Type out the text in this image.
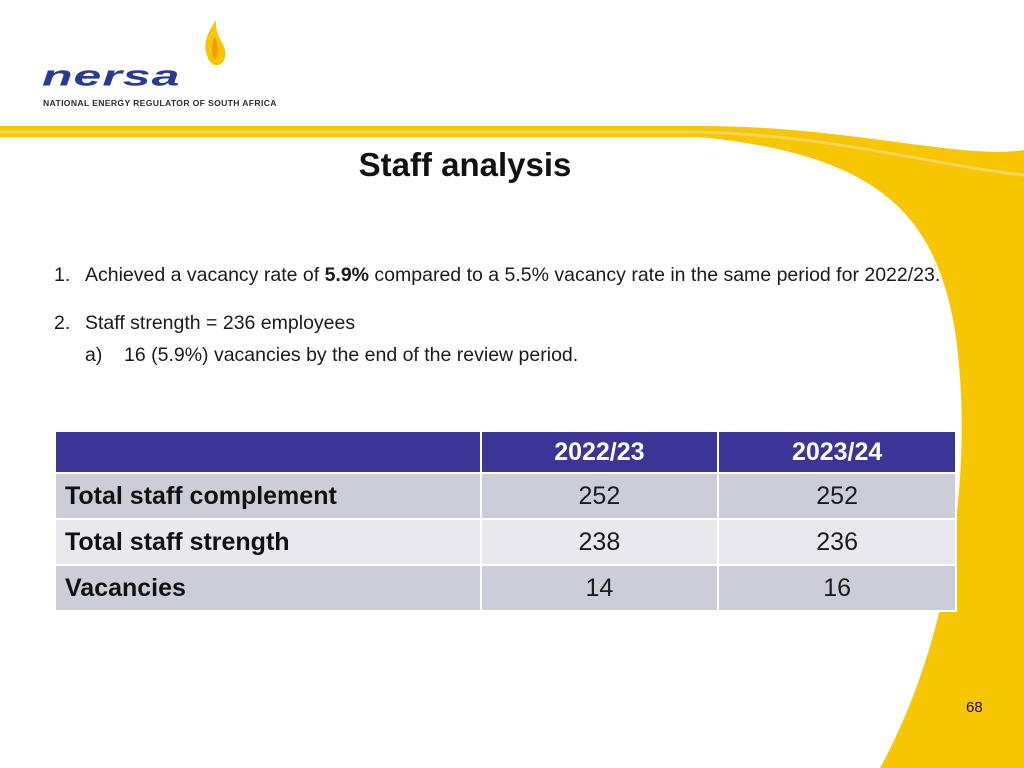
nersa
NATIONAL ENERGY REGULATOR OF SOUTH AFRICA
Staff analysis
1. Achieved a vacancy rate of 5.9% compared to a 5.5% vacancy rate in the same period for 2022/23.
2. Staff strength = 236 employees
a) 16 (5.9%) vacancies by the end of the review period.
	2022/23	2023/24
Total staff complement	252	252
Total staff strength	238	236
Vacancies	14	16
68
